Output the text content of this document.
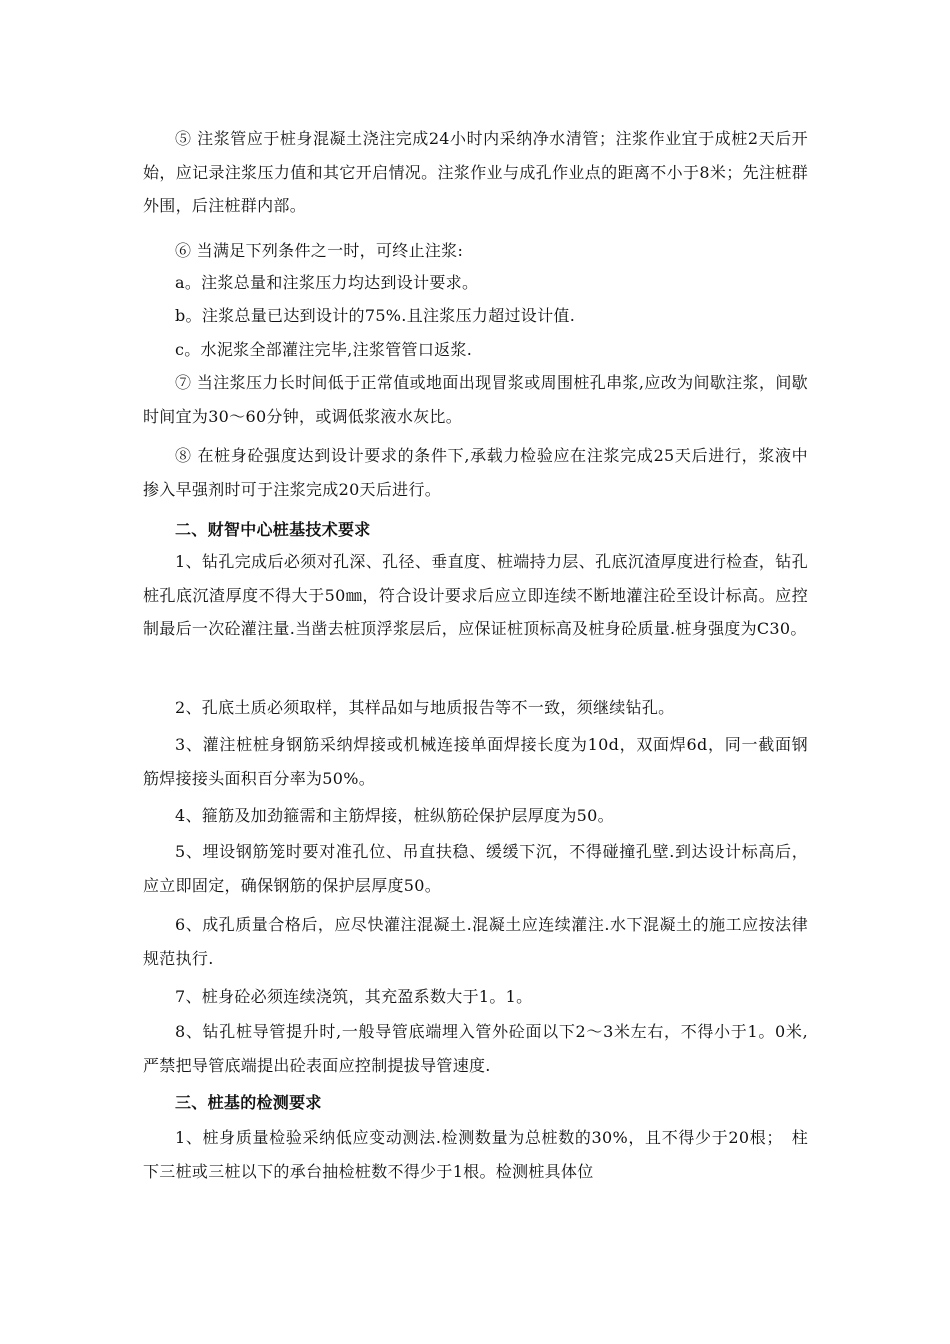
⑤ 注浆管应于桩身混凝土浇注完成24小时内采纳净水清管；注浆作业宜于成桩2天后开始，应记录注浆压力值和其它开启情况。注浆作业与成孔作业点的距离不小于8米；先注桩群外围，后注桩群内部。

⑥ 当满足下列条件之一时，可终止注浆:

a。注浆总量和注浆压力均达到设计要求。

b。注浆总量已达到设计的75%.且注浆压力超过设计值.

c。水泥浆全部灌注完毕,注浆管管口返浆.

⑦ 当注浆压力长时间低于正常值或地面出现冒浆或周围桩孔串浆,应改为间歇注浆，间歇时间宜为30～60分钟，或调低浆液水灰比。

⑧ 在桩身砼强度达到设计要求的条件下,承载力检验应在注浆完成25天后进行，浆液中掺入早强剂时可于注浆完成20天后进行。

二、财智中心桩基技术要求

1、钻孔完成后必须对孔深、孔径、垂直度、桩端持力层、孔底沉渣厚度进行检查，钻孔桩孔底沉渣厚度不得大于50㎜，符合设计要求后应立即连续不断地灌注砼至设计标高。应控制最后一次砼灌注量.当凿去桩顶浮浆层后，应保证桩顶标高及桩身砼质量.桩身强度为C30。

2、孔底土质必须取样，其样品如与地质报告等不一致，须继续钻孔。

3、灌注桩桩身钢筋采纳焊接或机械连接单面焊接长度为10d，双面焊6d，同一截面钢筋焊接接头面积百分率为50%。

4、箍筋及加劲箍需和主筋焊接，桩纵筋砼保护层厚度为50。

5、埋设钢筋笼时要对准孔位、吊直扶稳、缓缓下沉，不得碰撞孔壁.到达设计标高后，应立即固定，确保钢筋的保护层厚度50。

6、成孔质量合格后，应尽快灌注混凝土.混凝土应连续灌注.水下混凝土的施工应按法律规范执行.

7、桩身砼必须连续浇筑，其充盈系数大于1。1。

8、钻孔桩导管提升时,一般导管底端埋入管外砼面以下2～3米左右，不得小于1。0米,严禁把导管底端提出砼表面应控制提拔导管速度.

三、桩基的检测要求

1、桩身质量检验采纳低应变动测法.检测数量为总桩数的30%，且不得少于20根；　柱下三桩或三桩以下的承台抽检桩数不得少于1根。检测桩具体位
